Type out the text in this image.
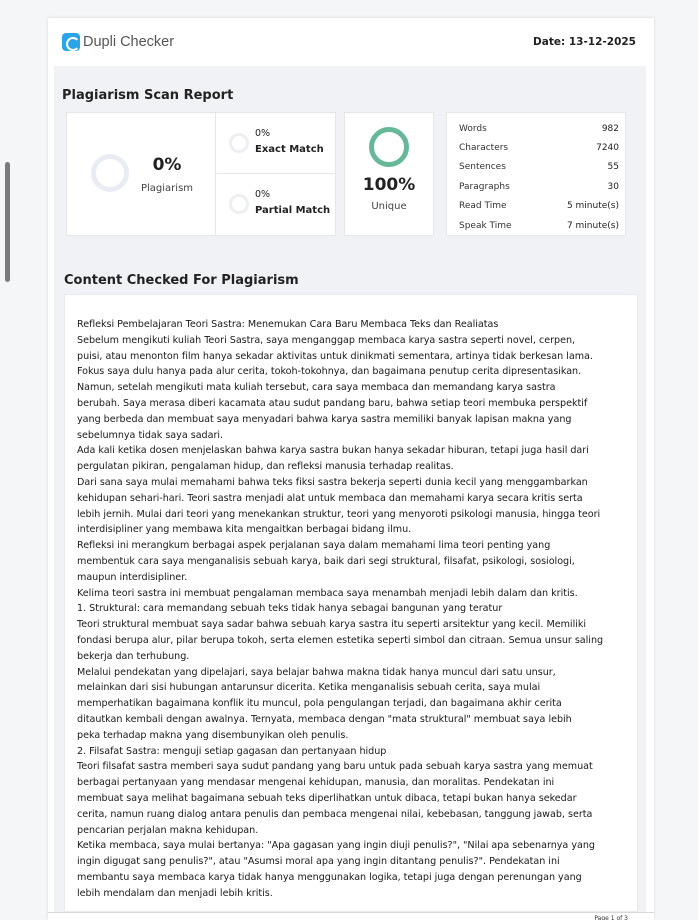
Dupli Checker	Date: 13-12-2025
Plagiarism Scan Report
0%
Plagiarism
0%
Exact Match
0%
Partial Match
100%
Unique
Words	982
Characters	7240
Sentences	55
Paragraphs	30
Read Time	5 minute(s)
Speak Time	7 minute(s)
Content Checked For Plagiarism
Refleksi Pembelajaran Teori Sastra: Menemukan Cara Baru Membaca Teks dan Realiatas
Sebelum mengikuti kuliah Teori Sastra, saya menganggap membaca karya sastra seperti novel, cerpen,
puisi, atau menonton film hanya sekadar aktivitas untuk dinikmati sementara, artinya tidak berkesan lama.
Fokus saya dulu hanya pada alur cerita, tokoh-tokohnya, dan bagaimana penutup cerita dipresentasikan.
Namun, setelah mengikuti mata kuliah tersebut, cara saya membaca dan memandang karya sastra
berubah. Saya merasa diberi kacamata atau sudut pandang baru, bahwa setiap teori membuka perspektif
yang berbeda dan membuat saya menyadari bahwa karya sastra memiliki banyak lapisan makna yang
sebelumnya tidak saya sadari.
Ada kali ketika dosen menjelaskan bahwa karya sastra bukan hanya sekadar hiburan, tetapi juga hasil dari
pergulatan pikiran, pengalaman hidup, dan refleksi manusia terhadap realitas.
Dari sana saya mulai memahami bahwa teks fiksi sastra bekerja seperti dunia kecil yang menggambarkan
kehidupan sehari-hari. Teori sastra menjadi alat untuk membaca dan memahami karya secara kritis serta
lebih jernih. Mulai dari teori yang menekankan struktur, teori yang menyoroti psikologi manusia, hingga teori
interdisipliner yang membawa kita mengaitkan berbagai bidang ilmu.
Refleksi ini merangkum berbagai aspek perjalanan saya dalam memahami lima teori penting yang
membentuk cara saya menganalisis sebuah karya, baik dari segi struktural, filsafat, psikologi, sosiologi,
maupun interdisipliner.
Kelima teori sastra ini membuat pengalaman membaca saya menambah menjadi lebih dalam dan kritis.
1. Struktural: cara memandang sebuah teks tidak hanya sebagai bangunan yang teratur
Teori struktural membuat saya sadar bahwa sebuah karya sastra itu seperti arsitektur yang kecil. Memiliki
fondasi berupa alur, pilar berupa tokoh, serta elemen estetika seperti simbol dan citraan. Semua unsur saling
bekerja dan terhubung.
Melalui pendekatan yang dipelajari, saya belajar bahwa makna tidak hanya muncul dari satu unsur,
melainkan dari sisi hubungan antarunsur diceritа. Ketika menganalisis sebuah cerita, saya mulai
memperhatikan bagaimana konflik itu muncul, pola pengulangan terjadi, dan bagaimana akhir cerita
ditautkan kembali dengan awalnya. Ternyata, membaca dengan "mata struktural" membuat saya lebih
peka terhadap makna yang disembunyikan oleh penulis.
2. Filsafat Sastra: menguji setiap gagasan dan pertanyaan hidup
Teori filsafat sastra memberi saya sudut pandang yang baru untuk pada sebuah karya sastra yang memuat
berbagai pertanyaan yang mendasar mengenai kehidupan, manusia, dan moralitas. Pendekatan ini
membuat saya melihat bagaimana sebuah teks diperlihatkan untuk dibaca, tetapi bukan hanya sekedar
cerita, namun ruang dialog antara penulis dan pembaca mengenai nilai, kebebasan, tanggung jawab, serta
pencarian perjalan makna kehidupan.
Ketika membaca, saya mulai bertanya: "Apa gagasan yang ingin diuji penulis?", "Nilai apa sebenarnya yang
ingin digugat sang penulis?", atau "Asumsi moral apa yang ingin ditantang penulis?". Pendekatan ini
membantu saya membaca karya tidak hanya menggunakan logika, tetapi juga dengan perenungan yang
lebih mendalam dan menjadi lebih kritis.
Page 1 of 3
